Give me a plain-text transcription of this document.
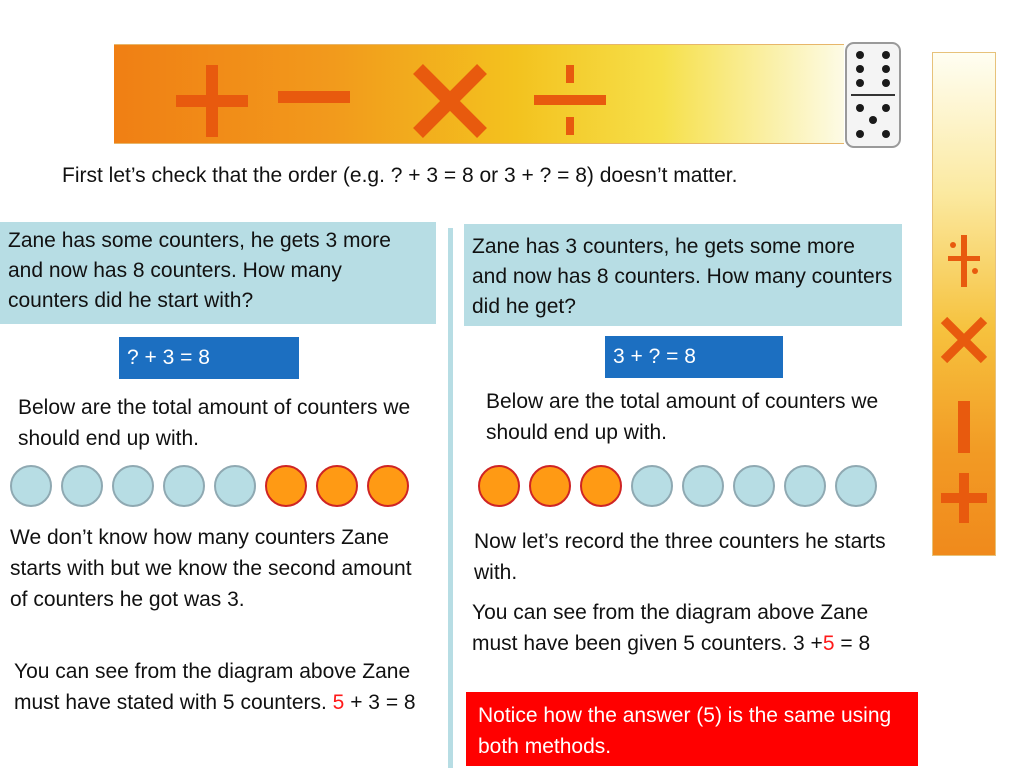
First let’s check that the order (e.g. ? + 3 = 8 or 3 + ? = 8) doesn’t matter.
Zane has some counters, he gets 3 more and now has 8 counters. How many counters did he start with?
? + 3 = 8
Below are the total amount of counters we should end up with.
We don’t know how many counters Zane starts with but we know the second amount of counters he got was 3.
You can see from the diagram above Zane must have stated with 5 counters. 5 + 3 = 8
Zane has 3 counters, he gets some more and now has 8 counters. How many counters did he get?
3 + ? = 8
Below are the total amount of counters we should end up with.
Now let’s record the three counters he starts with.
You can see from the diagram above Zane must have been given 5 counters. 3 +5 = 8
Notice how the answer (5) is the same using both methods.
